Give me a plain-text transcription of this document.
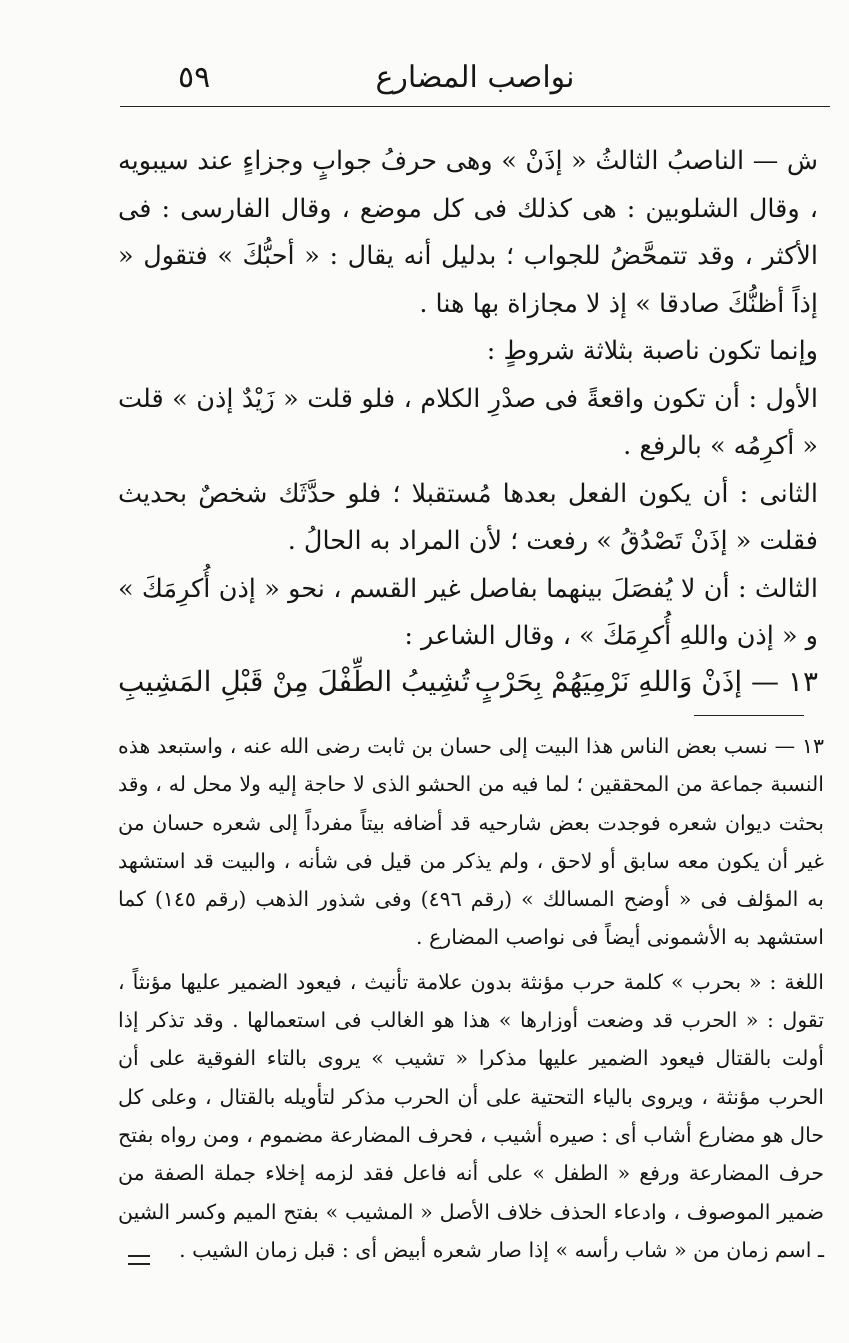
٥٩	نواصب المضارع

ش — الناصبُ الثالثُ « إذَنْ » وهى حرفُ جوابٍ وجزاءٍ عند سيبويه ، وقال الشلوبين : هى كذلك فى كل موضع ، وقال الفارسى : فى الأكثر ، وقد تتمحَّضُ للجواب ؛ بدليل أنه يقال : « أحبُّكَ » فتقول « إذاً أظنُّكَ صادقا » إذ لا مجازاة بها هنا .

وإنما تكون ناصبة بثلاثة شروطٍ :

الأول : أن تكون واقعةً فى صدْرِ الكلام ، فلو قلت « زَيْدٌ إذن » قلت « أكرِمُه » بالرفع .

الثانى : أن يكون الفعل بعدها مُستقبلا ؛ فلو حدَّثَك شخصٌ بحديث فقلت « إذَنْ تَصْدُقُ » رفعت ؛ لأن المراد به الحالُ .

الثالث : أن لا يُفصَلَ بينهما بفاصل غير القسم ، نحو « إذن أُكرِمَكَ » و « إذن واللهِ أُكرِمَكَ » ، وقال الشاعر :

١٣ — إذَنْ وَاللهِ نَرْمِيَهُمْ بِحَرْبٍ
تُشِيبُ الطِّفْلَ مِنْ قَبْلِ المَشِيبِ

١٣ — نسب بعض الناس هذا البيت إلى حسان بن ثابت رضى الله عنه ، واستبعد هذه النسبة جماعة من المحققين ؛ لما فيه من الحشو الذى لا حاجة إليه ولا محل له ، وقد بحثت ديوان شعره فوجدت بعض شارحيه قد أضافه بيتاً مفرداً إلى شعره حسان من غير أن يكون معه سابق أو لاحق ، ولم يذكر من قيل فى شأنه ، والبيت قد استشهد به المؤلف فى « أوضح المسالك » (رقم ٤٩٦) وفى شذور الذهب (رقم ١٤٥) كما استشهد به الأشمونى أيضاً فى نواصب المضارع .

اللغة : « بحرب » كلمة حرب مؤنثة بدون علامة تأنيث ، فيعود الضمير عليها مؤنثاً ، تقول : « الحرب قد وضعت أوزارها » هذا هو الغالب فى استعمالها . وقد تذكر إذا أولت بالقتال فيعود الضمير عليها مذكرا « تشيب » يروى بالتاء الفوقية على أن الحرب مؤنثة ، ويروى بالياء التحتية على أن الحرب مذكر لتأويله بالقتال ، وعلى كل حال هو مضارع أشاب أى : صيره أشيب ، فحرف المضارعة مضموم ، ومن رواه بفتح حرف المضارعة ورفع « الطفل » على أنه فاعل فقد لزمه إخلاء جملة الصفة من ضمير الموصوف ، وادعاء الحذف خلاف الأصل « المشيب » بفتح الميم وكسر الشين ـ اسم زمان من « شاب رأسه » إذا صار شعره أبيض أى : قبل زمان الشيب .
